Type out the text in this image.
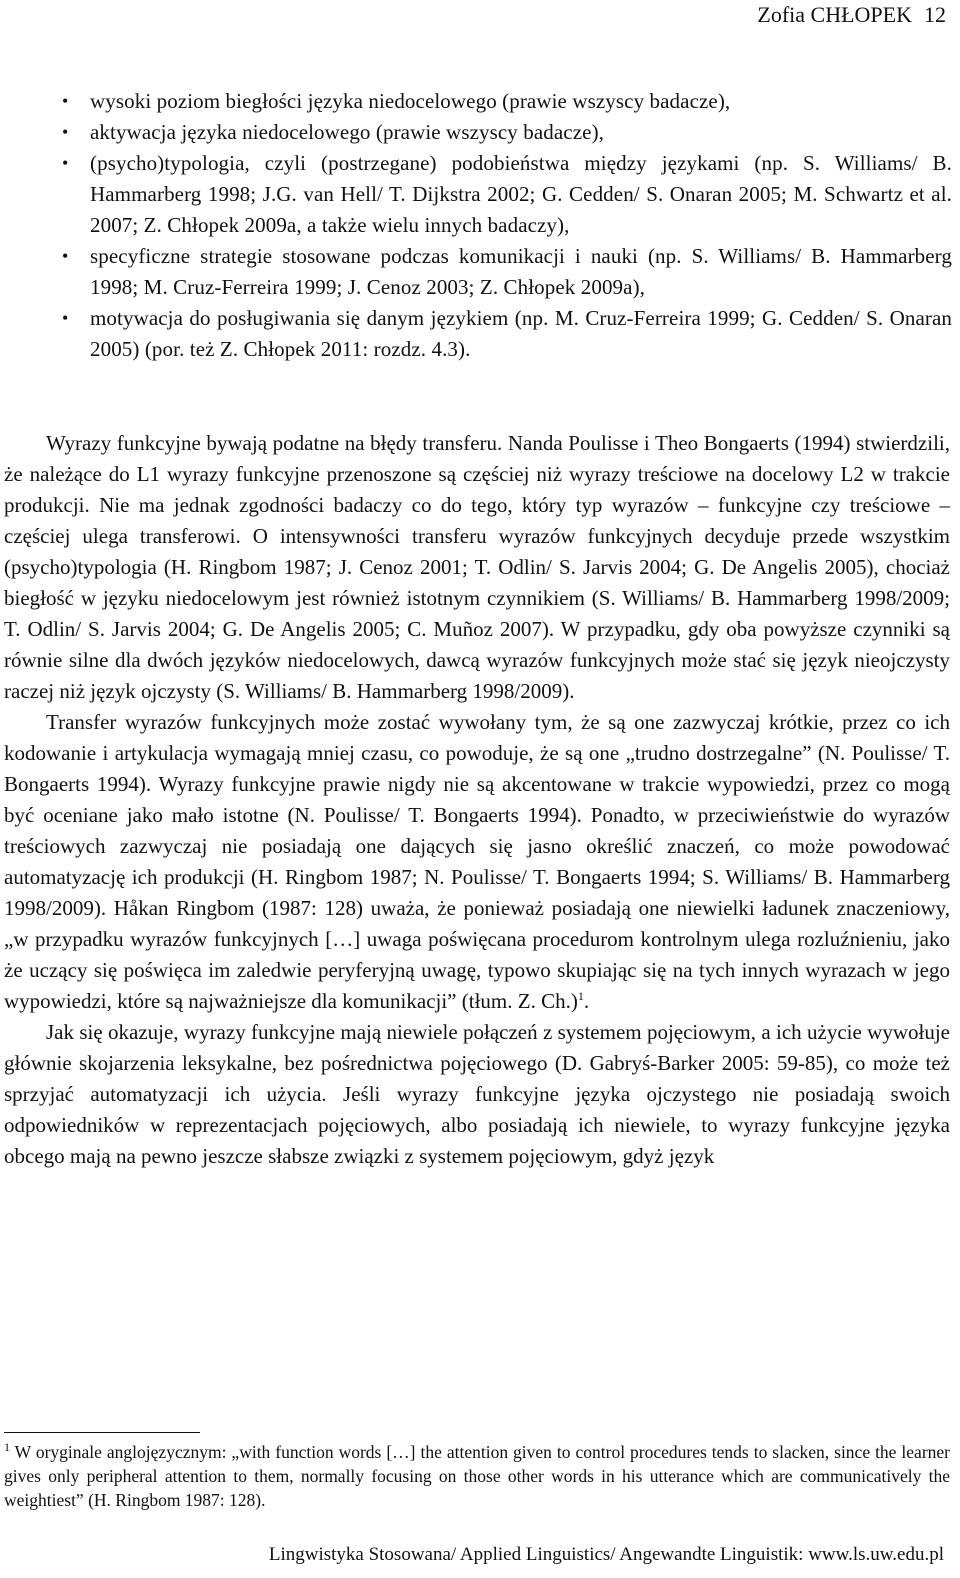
Zofia CHŁOPEK 12
• wysoki poziom biegłości języka niedocelowego (prawie wszyscy badacze),
• aktywacja języka niedocelowego (prawie wszyscy badacze),
• (psycho)typologia, czyli (postrzegane) podobieństwa między językami (np. S. Williams/ B. Hammarberg 1998; J.G. van Hell/ T. Dijkstra 2002; G. Cedden/ S. Onaran 2005; M. Schwartz et al. 2007; Z. Chłopek 2009a, a także wielu innych badaczy),
• specyficzne strategie stosowane podczas komunikacji i nauki (np. S. Williams/ B. Hammarberg 1998; M. Cruz-Ferreira 1999; J. Cenoz 2003; Z. Chłopek 2009a),
• motywacja do posługiwania się danym językiem (np. M. Cruz-Ferreira 1999; G. Cedden/ S. Onaran 2005) (por. też Z. Chłopek 2011: rozdz. 4.3).

Wyrazy funkcyjne bywają podatne na błędy transferu. Nanda Poulisse i Theo Bongaerts (1994) stwierdzili, że należące do L1 wyrazy funkcyjne przenoszone są częściej niż wyrazy treściowe na docelowy L2 w trakcie produkcji. Nie ma jednak zgodności badaczy co do tego, który typ wyrazów – funkcyjne czy treściowe – częściej ulega transferowi. O intensywności transferu wyrazów funkcyjnych decyduje przede wszystkim (psycho)typologia (H. Ringbom 1987; J. Cenoz 2001; T. Odlin/ S. Jarvis 2004; G. De Angelis 2005), chociaż biegłość w języku niedocelowym jest również istotnym czynnikiem (S. Williams/ B. Hammarberg 1998/2009; T. Odlin/ S. Jarvis 2004; G. De Angelis 2005; C. Muñoz 2007). W przypadku, gdy oba powyższe czynniki są równie silne dla dwóch języków niedocelowych, dawcą wyrazów funkcyjnych może stać się język nieojczysty raczej niż język ojczysty (S. Williams/ B. Hammarberg 1998/2009).

Transfer wyrazów funkcyjnych może zostać wywołany tym, że są one zazwyczaj krótkie, przez co ich kodowanie i artykulacja wymagają mniej czasu, co powoduje, że są one „trudno dostrzegalne” (N. Poulisse/ T. Bongaerts 1994). Wyrazy funkcyjne prawie nigdy nie są akcentowane w trakcie wypowiedzi, przez co mogą być oceniane jako mało istotne (N. Poulisse/ T. Bongaerts 1994). Ponadto, w przeciwieństwie do wyrazów treściowych zazwyczaj nie posiadają one dających się jasno określić znaczeń, co może powodować automatyzację ich produkcji (H. Ringbom 1987; N. Poulisse/ T. Bongaerts 1994; S. Williams/ B. Hammarberg 1998/2009). Håkan Ringbom (1987: 128) uważa, że ponieważ posiadają one niewielki ładunek znaczeniowy, „w przypadku wyrazów funkcyjnych […] uwaga poświęcana procedurom kontrolnym ulega rozluźnieniu, jako że uczący się poświęca im zaledwie peryferyjną uwagę, typowo skupiając się na tych innych wyrazach w jego wypowiedzi, które są najważniejsze dla komunikacji” (tłum. Z. Ch.)$^1$.

Jak się okazuje, wyrazy funkcyjne mają niewiele połączeń z systemem pojęciowym, a ich użycie wywołuje głównie skojarzenia leksykalne, bez pośrednictwa pojęciowego (D. Gabryś-Barker 2005: 59-85), co może też sprzyjać automatyzacji ich użycia. Jeśli wyrazy funkcyjne języka ojczystego nie posiadają swoich odpowiedników w reprezentacjach pojęciowych, albo posiadają ich niewiele, to wyrazy funkcyjne języka obcego mają na pewno jeszcze słabsze związki z systemem pojęciowym, gdyż język

$^1$ W oryginale anglojęzycznym: „with function words […] the attention given to control procedures tends to slacken, since the learner gives only peripheral attention to them, normally focusing on those other words in his utterance which are communicatively the weightiest” (H. Ringbom 1987: 128).

Lingwistyka Stosowana/ Applied Linguistics/ Angewandte Linguistik: www.ls.uw.edu.pl
